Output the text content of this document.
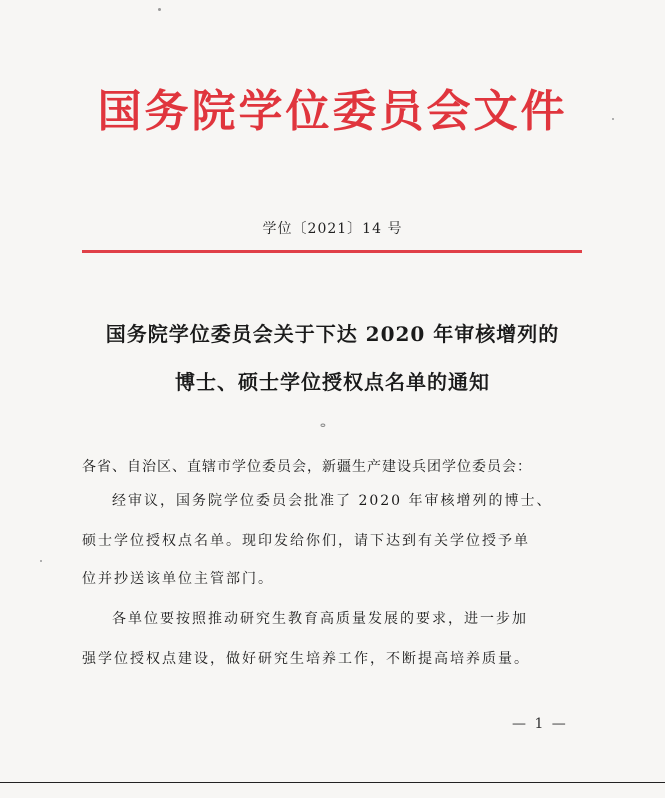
国务院学位委员会文件
学位〔2021〕14 号
国务院学位委员会关于下达 2020 年审核增列的
博士、硕士学位授权点名单的通知
ⴰ
各省、自治区、直辖市学位委员会，新疆生产建设兵团学位委员会：
经审议，国务院学位委员会批准了 2020 年审核增列的博士、
硕士学位授权点名单。现印发给你们，请下达到有关学位授予单
位并抄送该单位主管部门。
各单位要按照推动研究生教育高质量发展的要求，进一步加
强学位授权点建设，做好研究生培养工作，不断提高培养质量。
— 1 —
